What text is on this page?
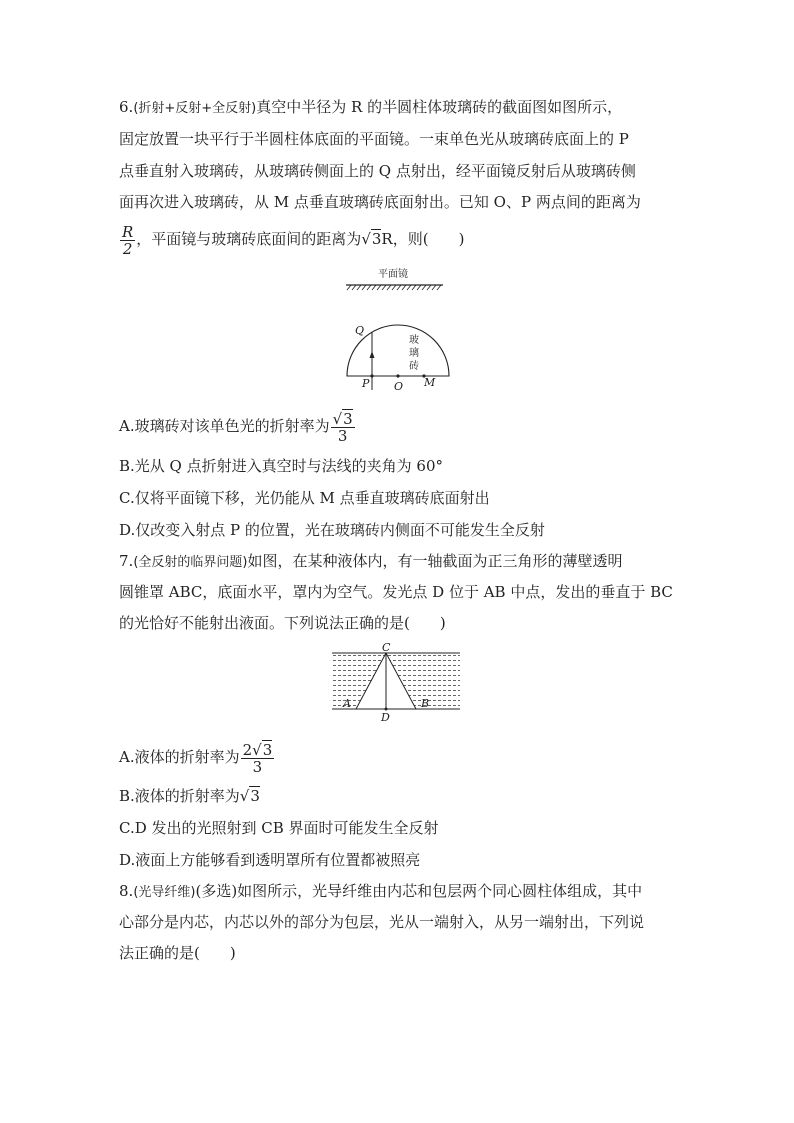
6.(折射+反射+全反射)真空中半径为 R 的半圆柱体玻璃砖的截面图如图所示，
固定放置一块平行于半圆柱体底面的平面镜。一束单色光从玻璃砖底面上的 P
点垂直射入玻璃砖，从玻璃砖侧面上的 Q 点射出，经平面镜反射后从玻璃砖侧
面再次进入玻璃砖，从 M 点垂直玻璃砖底面射出。已知 O、P 两点间的距离为
$\frac{R}{2}$ ，平面镜与玻璃砖底面间的距离为√3R，则(　　)
平面镜
Q
P O M
玻
璃
砖
A.玻璃砖对该单色光的折射率为 $\frac{√3}{3}$
B.光从 Q 点折射进入真空时与法线的夹角为 60°
C.仅将平面镜下移，光仍能从 M 点垂直玻璃砖底面射出
D.仅改变入射点 P 的位置，光在玻璃砖内侧面不可能发生全反射
7.(全反射的临界问题)如图，在某种液体内，有一轴截面为正三角形的薄壁透明
圆锥罩 ABC，底面水平，罩内为空气。发光点 D 位于 AB 中点，发出的垂直于 BC
的光恰好不能射出液面。下列说法正确的是(　　)
C
A	B
D
A.液体的折射率为 $\frac{2√3}{3}$
B.液体的折射率为√3
C.D 发出的光照射到 CB 界面时可能发生全反射
D.液面上方能够看到透明罩所有位置都被照亮
8.(光导纤维)(多选)如图所示，光导纤维由内芯和包层两个同心圆柱体组成，其中
心部分是内芯，内芯以外的部分为包层，光从一端射入，从另一端射出，下列说
法正确的是(　　)
